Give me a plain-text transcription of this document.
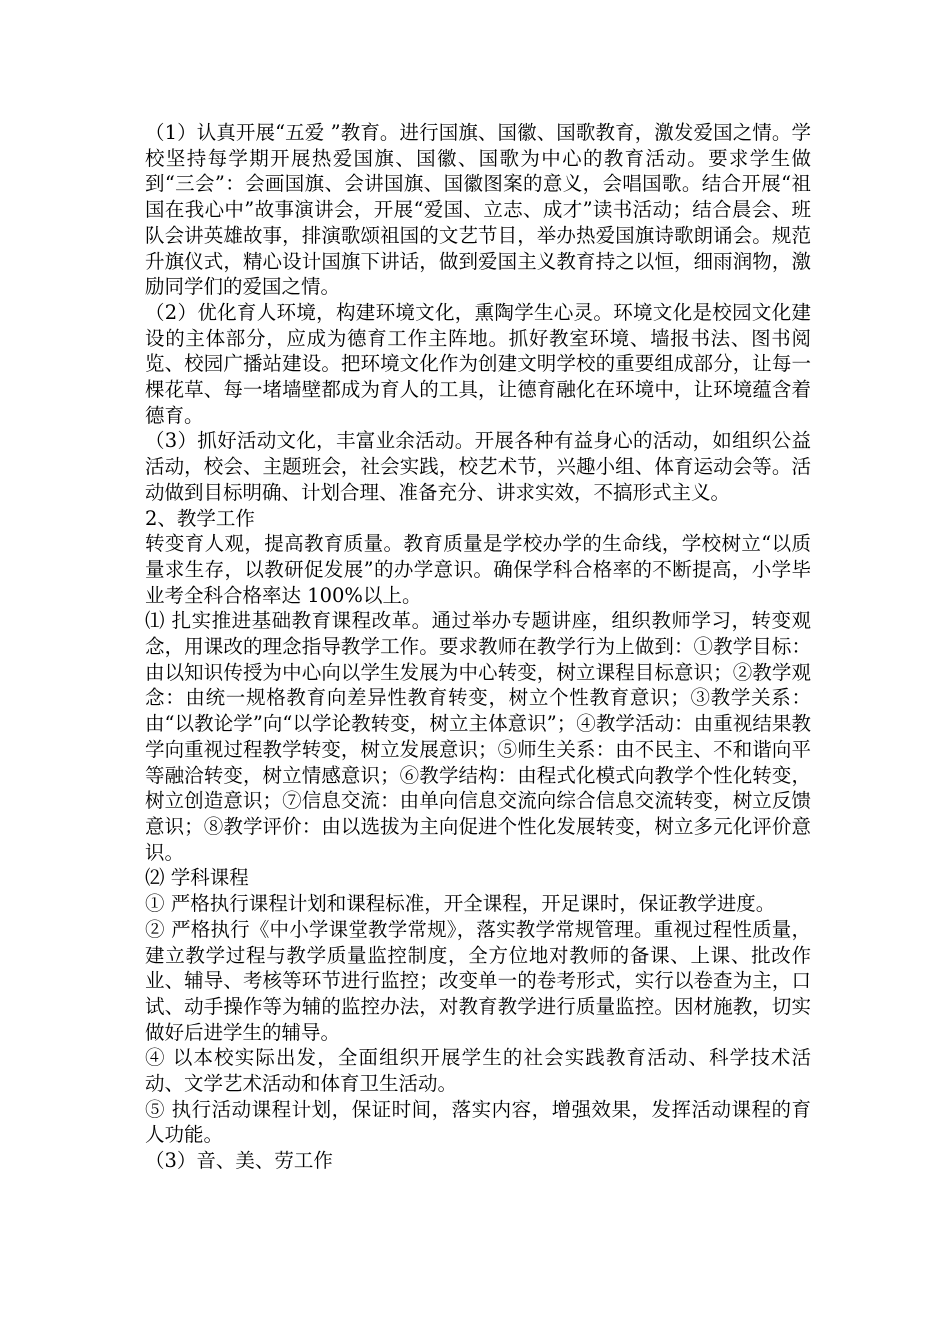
（1）认真开展“五爱 ”教育。进行国旗、国徽、国歌教育，激发爱国之情。学校坚持每学期开展热爱国旗、国徽、国歌为中心的教育活动。要求学生做到“三会”：会画国旗、会讲国旗、国徽图案的意义，会唱国歌。结合开展“祖国在我心中”故事演讲会，开展“爱国、立志、成才”读书活动；结合晨会、班队会讲英雄故事，排演歌颂祖国的文艺节目，举办热爱国旗诗歌朗诵会。规范升旗仪式，精心设计国旗下讲话，做到爱国主义教育持之以恒，细雨润物，激励同学们的爱国之情。

（2）优化育人环境，构建环境文化，熏陶学生心灵。环境文化是校园文化建设的主体部分，应成为德育工作主阵地。抓好教室环境、墙报书法、图书阅览、校园广播站建设。把环境文化作为创建文明学校的重要组成部分，让每一棵花草、每一堵墙壁都成为育人的工具，让德育融化在环境中，让环境蕴含着德育。

（3）抓好活动文化，丰富业余活动。开展各种有益身心的活动，如组织公益活动，校会、主题班会，社会实践，校艺术节，兴趣小组、体育运动会等。活动做到目标明确、计划合理、准备充分、讲求实效，不搞形式主义。

2、教学工作

转变育人观，提高教育质量。教育质量是学校办学的生命线，学校树立“以质量求生存，以教研促发展”的办学意识。确保学科合格率的不断提高，小学毕业考全科合格率达 100%以上。

⑴ 扎实推进基础教育课程改革。通过举办专题讲座，组织教师学习，转变观念，用课改的理念指导教学工作。要求教师在教学行为上做到：①教学目标：由以知识传授为中心向以学生发展为中心转变，树立课程目标意识；②教学观念：由统一规格教育向差异性教育转变，树立个性教育意识；③教学关系：由“以教论学”向“以学论教转变，树立主体意识”；④教学活动：由重视结果教学向重视过程教学转变，树立发展意识；⑤师生关系：由不民主、不和谐向平等融洽转变，树立情感意识；⑥教学结构：由程式化模式向教学个性化转变，树立创造意识；⑦信息交流：由单向信息交流向综合信息交流转变，树立反馈意识；⑧教学评价：由以选拔为主向促进个性化发展转变，树立多元化评价意识。

⑵ 学科课程

① 严格执行课程计划和课程标准，开全课程，开足课时，保证教学进度。

② 严格执行《中小学课堂教学常规》，落实教学常规管理。重视过程性质量，建立教学过程与教学质量监控制度，全方位地对教师的备课、上课、批改作业、辅导、考核等环节进行监控；改变单一的卷考形式，实行以卷查为主，口试、动手操作等为辅的监控办法，对教育教学进行质量监控。因材施教，切实做好后进学生的辅导。

④ 以本校实际出发，全面组织开展学生的社会实践教育活动、科学技术活动、文学艺术活动和体育卫生活动。

⑤ 执行活动课程计划，保证时间，落实内容，增强效果，发挥活动课程的育人功能。

（3）音、美、劳工作
